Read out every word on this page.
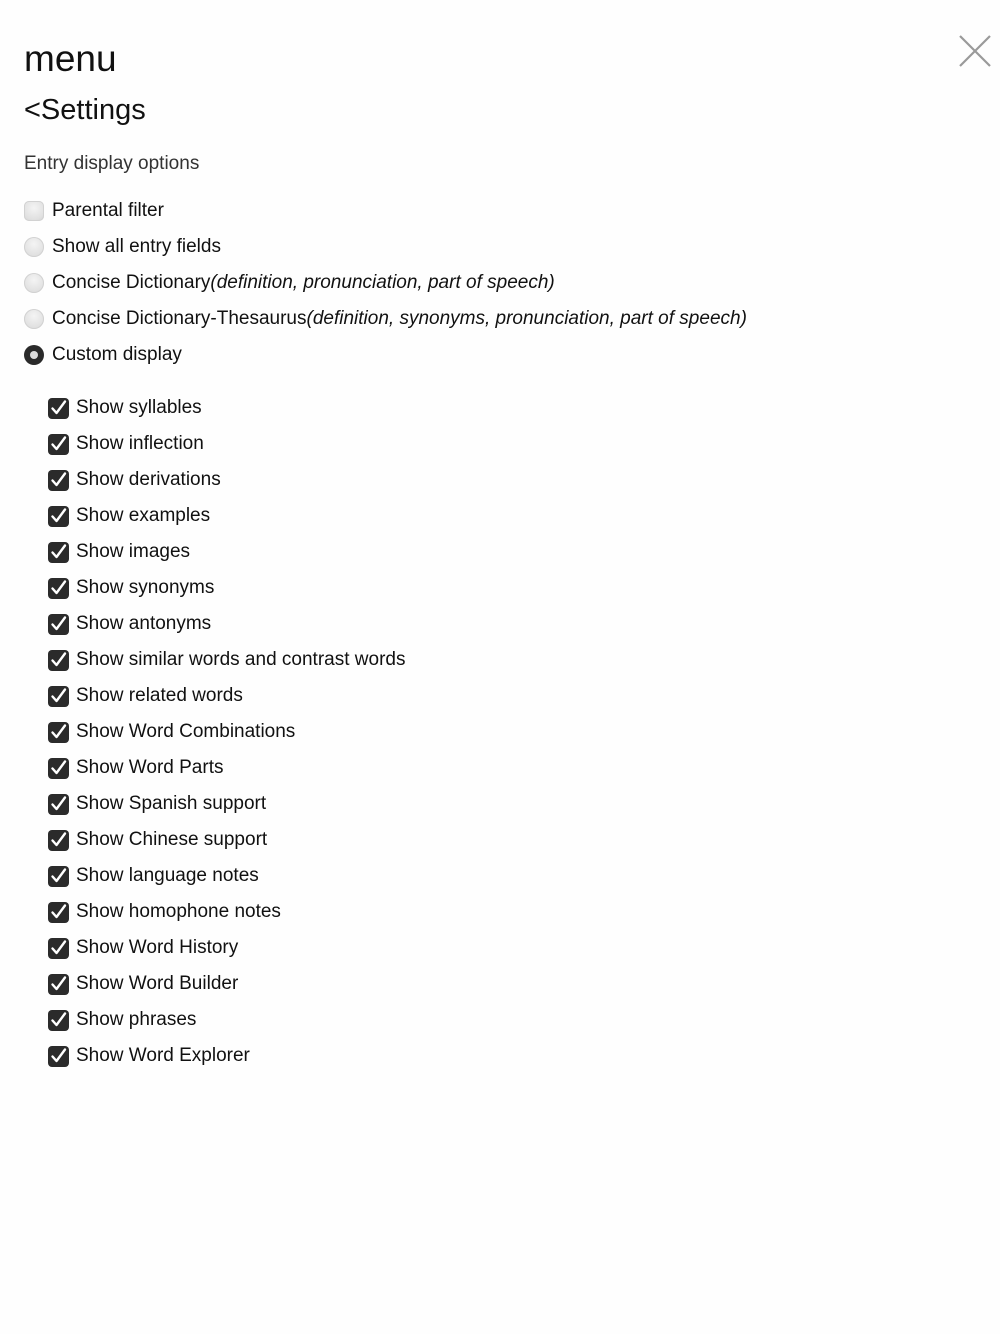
menu
<Settings
Entry display options
Parental filter
Show all entry fields
Concise Dictionary(definition, pronunciation, part of speech)
Concise Dictionary-Thesaurus(definition, synonyms, pronunciation, part of speech)
Custom display
Show syllables
Show inflection
Show derivations
Show examples
Show images
Show synonyms
Show antonyms
Show similar words and contrast words
Show related words
Show Word Combinations
Show Word Parts
Show Spanish support
Show Chinese support
Show language notes
Show homophone notes
Show Word History
Show Word Builder
Show phrases
Show Word Explorer
